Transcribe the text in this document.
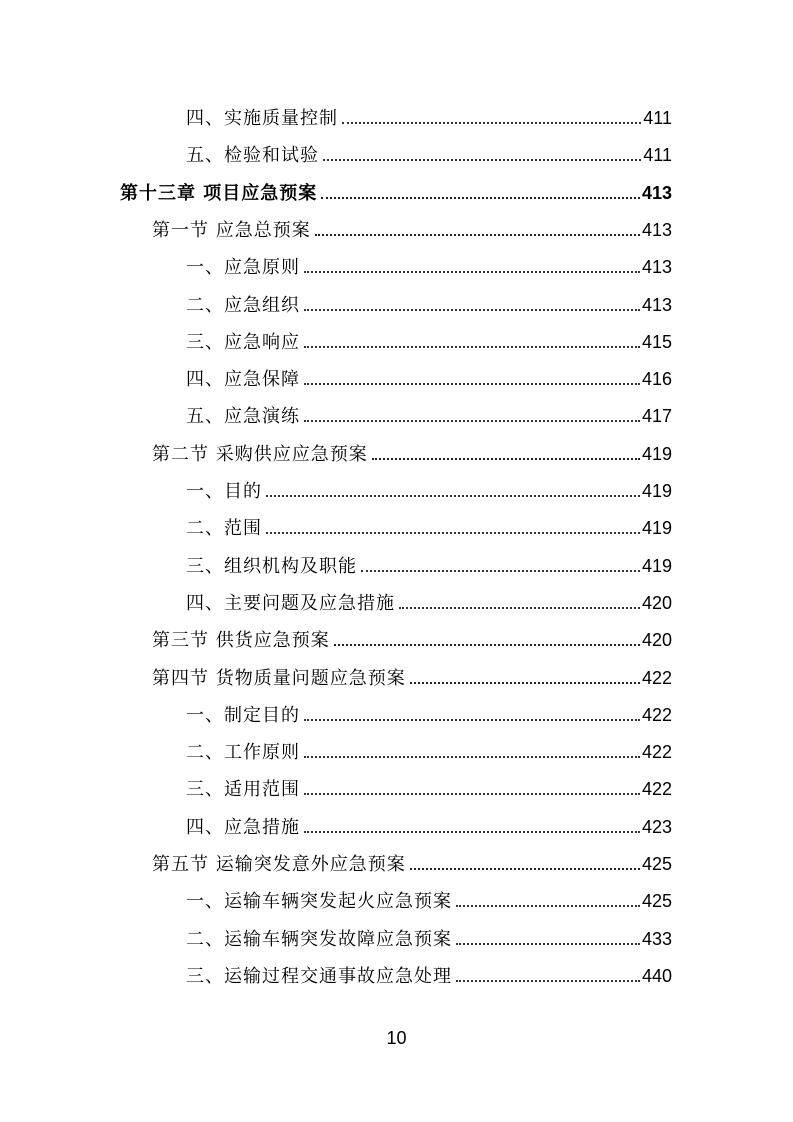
四、实施质量控制	411
五、检验和试验	411
第十三章 项目应急预案	413
第一节 应急总预案	413
一、应急原则	413
二、应急组织	413
三、应急响应	415
四、应急保障	416
五、应急演练	417
第二节 采购供应应急预案	419
一、目的	419
二、范围	419
三、组织机构及职能	419
四、主要问题及应急措施	420
第三节 供货应急预案	420
第四节 货物质量问题应急预案	422
一、制定目的	422
二、工作原则	422
三、适用范围	422
四、应急措施	423
第五节 运输突发意外应急预案	425
一、运输车辆突发起火应急预案	425
二、运输车辆突发故障应急预案	433
三、运输过程交通事故应急处理	440
10
